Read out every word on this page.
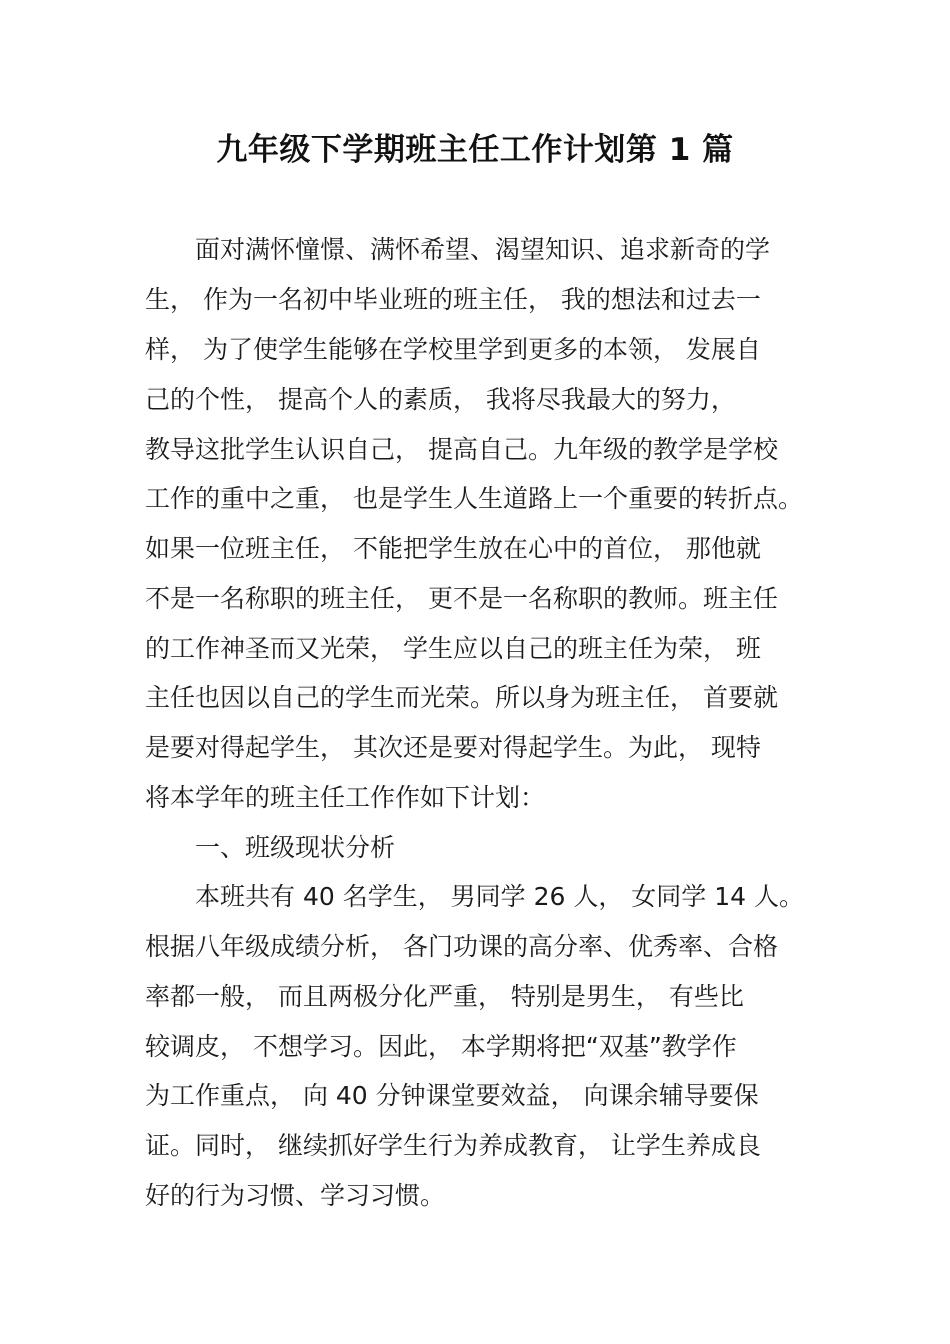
九年级下学期班主任工作计划第 1 篇
面对满怀憧憬、满怀希望、渴望知识、追求新奇的学
生， 作为一名初中毕业班的班主任， 我的想法和过去一
样， 为了使学生能够在学校里学到更多的本领， 发展自
己的个性， 提高个人的素质， 我将尽我最大的努力，
教导这批学生认识自己， 提高自己。九年级的教学是学校
工作的重中之重， 也是学生人生道路上一个重要的转折点。
如果一位班主任， 不能把学生放在心中的首位， 那他就
不是一名称职的班主任， 更不是一名称职的教师。班主任
的工作神圣而又光荣， 学生应以自己的班主任为荣， 班
主任也因以自己的学生而光荣。所以身为班主任， 首要就
是要对得起学生， 其次还是要对得起学生。为此， 现特
将本学年的班主任工作作如下计划：
一、班级现状分析
本班共有 40 名学生， 男同学 26 人， 女同学 14 人。
根据八年级成绩分析， 各门功课的高分率、优秀率、合格
率都一般， 而且两极分化严重， 特别是男生， 有些比
较调皮， 不想学习。因此， 本学期将把“双基”教学作
为工作重点， 向 40 分钟课堂要效益， 向课余辅导要保
证。同时， 继续抓好学生行为养成教育， 让学生养成良
好的行为习惯、学习习惯。
